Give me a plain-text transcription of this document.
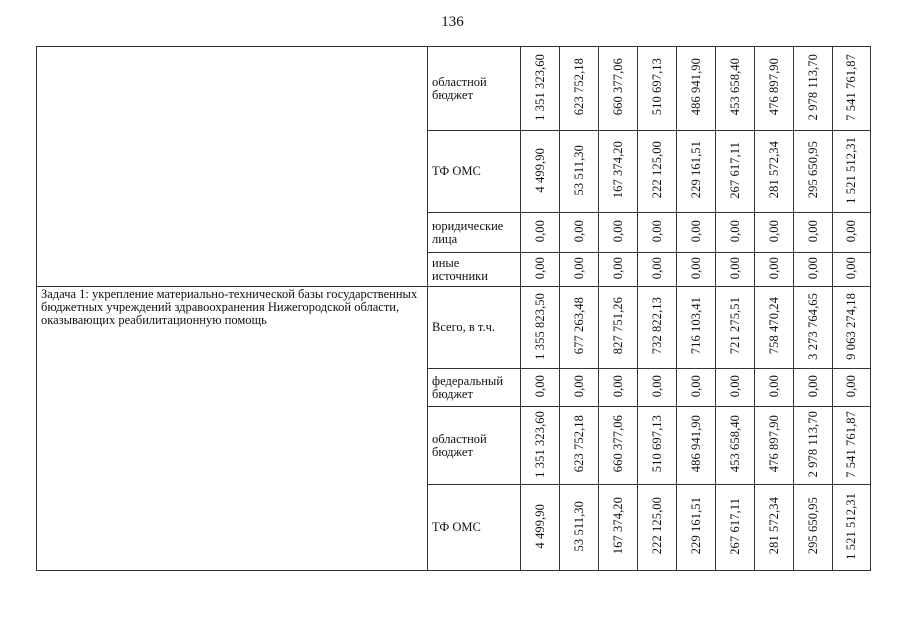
136
	областной бюджет	1 351 323,60	623 752,18	660 377,06	510 697,13	486 941,90	453 658,40	476 897,90	2 978 113,70	7 541 761,87
	ТФ ОМС	4 499,90	53 511,30	167 374,20	222 125,00	229 161,51	267 617,11	281 572,34	295 650,95	1 521 512,31
	юридические лица	0,00	0,00	0,00	0,00	0,00	0,00	0,00	0,00	0,00
	иные источники	0,00	0,00	0,00	0,00	0,00	0,00	0,00	0,00	0,00
Задача 1: укрепление материально-технической базы государственных бюджетных учреждений здравоохранения Нижегородской области, оказывающих реабилитационную помощь	Всего, в т.ч.	1 355 823,50	677 263,48	827 751,26	732 822,13	716 103,41	721 275,51	758 470,24	3 273 764,65	9 063 274,18
	федеральный бюджет	0,00	0,00	0,00	0,00	0,00	0,00	0,00	0,00	0,00
	областной бюджет	1 351 323,60	623 752,18	660 377,06	510 697,13	486 941,90	453 658,40	476 897,90	2 978 113,70	7 541 761,87
	ТФ ОМС	4 499,90	53 511,30	167 374,20	222 125,00	229 161,51	267 617,11	281 572,34	295 650,95	1 521 512,31
